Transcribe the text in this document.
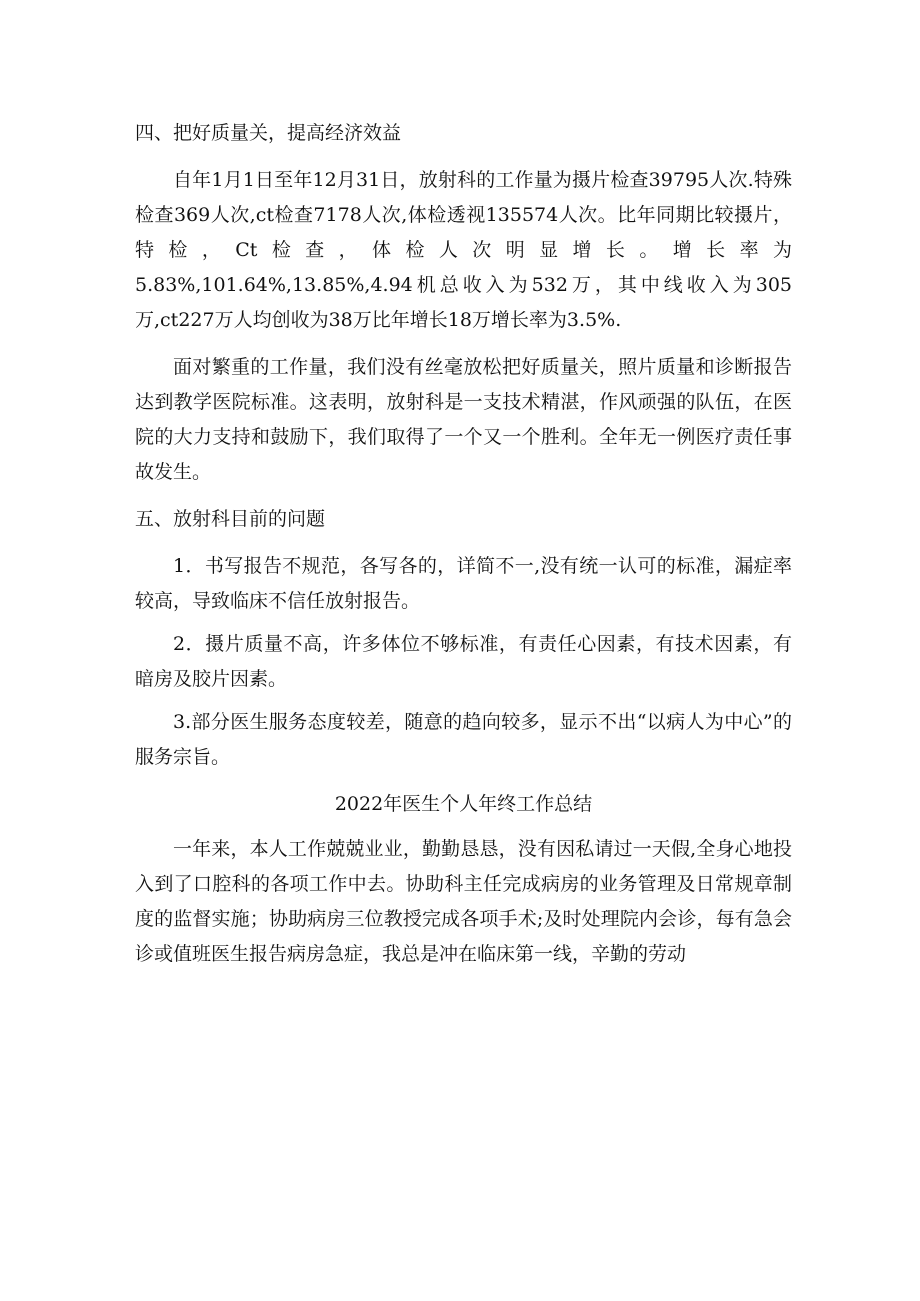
四、把好质量关，提高经济效益

自年1月1日至年12月31日，放射科的工作量为摄片检查39795人次.特殊检查369人次,ct检查7178人次,体检透视135574人次。比年同期比较摄片，特检，Ct检查，体检人次明显增长。增长率为5.83%,101.64%,13.85%,4.94机总收入为532万，其中线收入为305万,ct227万人均创收为38万比年增长18万增长率为3.5%.

面对繁重的工作量，我们没有丝毫放松把好质量关，照片质量和诊断报告达到教学医院标准。这表明，放射科是一支技术精湛，作风顽强的队伍，在医院的大力支持和鼓励下，我们取得了一个又一个胜利。全年无一例医疗责任事故发生。

五、放射科目前的问题

1．书写报告不规范，各写各的，详简不一,没有统一认可的标准，漏症率较高，导致临床不信任放射报告。

2．摄片质量不高，许多体位不够标准，有责任心因素，有技术因素，有暗房及胶片因素。

3.部分医生服务态度较差，随意的趋向较多，显示不出“以病人为中心”的服务宗旨。

2022年医生个人年终工作总结

一年来，本人工作兢兢业业，勤勤恳恳，没有因私请过一天假,全身心地投入到了口腔科的各项工作中去。协助科主任完成病房的业务管理及日常规章制度的监督实施；协助病房三位教授完成各项手术;及时处理院内会诊，每有急会诊或值班医生报告病房急症，我总是冲在临床第一线，辛勤的劳动
